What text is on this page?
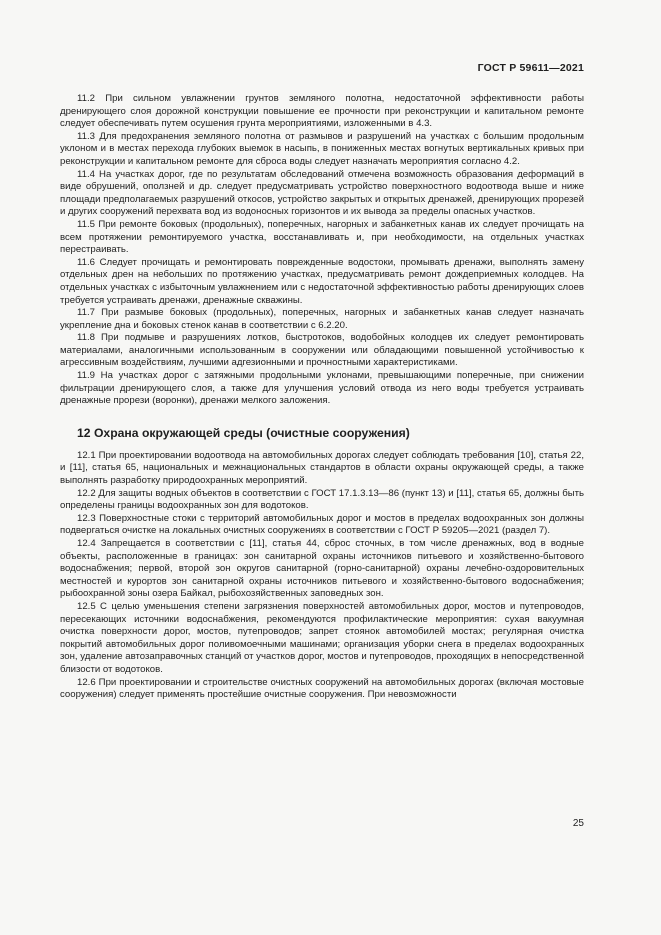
ГОСТ Р 59611—2021

11.2 При сильном увлажнении грунтов земляного полотна, недостаточной эффективности работы дренирующего слоя дорожной конструкции повышение ее прочности при реконструкции и капитальном ремонте следует обеспечивать путем осушения грунта мероприятиями, изложенными в 4.3.

11.3 Для предохранения земляного полотна от размывов и разрушений на участках с большим продольным уклоном и в местах перехода глубоких выемок в насыпь, в пониженных местах вогнутых вертикальных кривых при реконструкции и капитальном ремонте для сброса воды следует назначать мероприятия согласно 4.2.

11.4 На участках дорог, где по результатам обследований отмечена возможность образования деформаций в виде обрушений, оползней и др. следует предусматривать устройство поверхностного водоотвода выше и ниже площади предполагаемых разрушений откосов, устройство закрытых и открытых дренажей, дренирующих прорезей и других сооружений перехвата вод из водоносных горизонтов и их вывода за пределы опасных участков.

11.5 При ремонте боковых (продольных), поперечных, нагорных и забанкетных канав их следует прочищать на всем протяжении ремонтируемого участка, восстанавливать и, при необходимости, на отдельных участках перестраивать.

11.6 Следует прочищать и ремонтировать поврежденные водостоки, промывать дренажи, выполнять замену отдельных дрен на небольших по протяжению участках, предусматривать ремонт дождеприемных колодцев. На отдельных участках с избыточным увлажнением или с недостаточной эффективностью работы дренирующих слоев требуется устраивать дренажи, дренажные скважины.

11.7 При размыве боковых (продольных), поперечных, нагорных и забанкетных канав следует назначать укрепление дна и боковых стенок канав в соответствии с 6.2.20.

11.8 При подмыве и разрушениях лотков, быстротоков, водобойных колодцев их следует ремонтировать материалами, аналогичными использованным в сооружении или обладающими повышенной устойчивостью к агрессивным воздействиям, лучшими адгезионными и прочностными характеристиками.

11.9 На участках дорог с затяжными продольными уклонами, превышающими поперечные, при снижении фильтрации дренирующего слоя, а также для улучшения условий отвода из него воды требуется устраивать дренажные прорези (воронки), дренажи мелкого заложения.

12 Охрана окружающей среды (очистные сооружения)

12.1 При проектировании водоотвода на автомобильных дорогах следует соблюдать требования [10], статья 22, и [11], статья 65, национальных и межнациональных стандартов в области охраны окружающей среды, а также выполнять разработку природоохранных мероприятий.

12.2 Для защиты водных объектов в соответствии с ГОСТ 17.1.3.13—86 (пункт 13) и [11], статья 65, должны быть определены границы водоохранных зон для водотоков.

12.3 Поверхностные стоки с территорий автомобильных дорог и мостов в пределах водоохранных зон должны подвергаться очистке на локальных очистных сооружениях в соответствии с ГОСТ Р 59205—2021 (раздел 7).

12.4 Запрещается в соответствии с [11], статья 44, сброс сточных, в том числе дренажных, вод в водные объекты, расположенные в границах: зон санитарной охраны источников питьевого и хозяйственно-бытового водоснабжения; первой, второй зон округов санитарной (горно-санитарной) охраны лечебно-оздоровительных местностей и курортов зон санитарной охраны источников питьевого и хозяйственно-бытового водоснабжения; рыбоохранной зоны озера Байкал, рыбохозяйственных заповедных зон.

12.5 С целью уменьшения степени загрязнения поверхностей автомобильных дорог, мостов и путепроводов, пересекающих источники водоснабжения, рекомендуются профилактические мероприятия: сухая вакуумная очистка поверхности дорог, мостов, путепроводов; запрет стоянок автомобилей мостах; регулярная очистка покрытий автомобильных дорог поливомоечными машинами; организация уборки снега в пределах водоохранных зон, удаление автозаправочных станций от участков дорог, мостов и путепроводов, проходящих в непосредственной близости от водотоков.

12.6 При проектировании и строительстве очистных сооружений на автомобильных дорогах (включая мостовые сооружения) следует применять простейшие очистные сооружения. При невозможности

25
